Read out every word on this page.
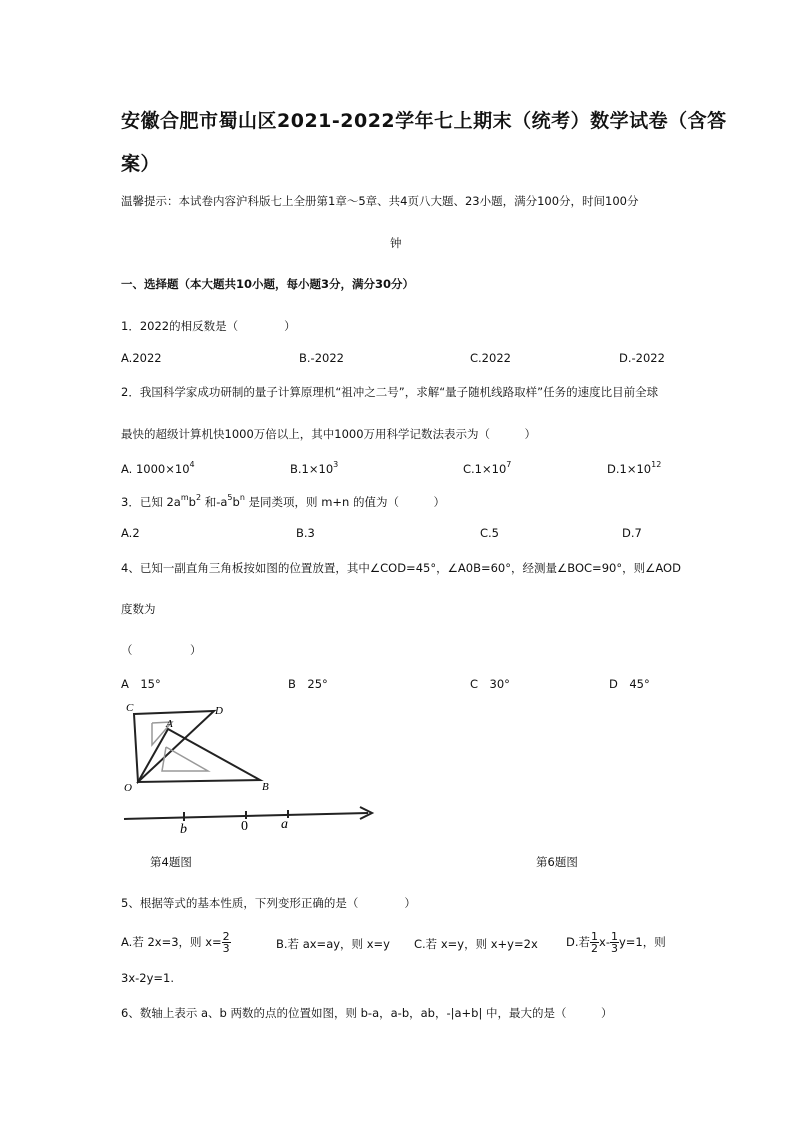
安徽合肥市蜀山区2021-2022学年七上期末（统考）数学试卷（含答
案）
温馨提示：本试卷内容沪科版七上全册第1章～5章、共4页八大题、23小题，满分100分，时间100分
钟
一、选择题（本大题共10小题，每小题3分，满分30分）
1．2022的相反数是（　　　　）
A.2022	B.-2022	C.2022	D.-2022
2．我国科学家成功研制的量子计算原理机“祖冲之二号”，求解“量子随机线路取样”任务的速度比目前全球
最快的超级计算机快1000万倍以上，其中1000万用科学记数法表示为（　　　）
A. $1000\times 10^4$	$B.1\times 10^3$	$C.1\times 10^7$	$D.1\times 10^{12}$
3．已知 $2a^mb^2$ 和$-a^5b^n$ 是同类项，则 m+n 的值为（　　　）
A.2	B.3	C.5	D.7
4、已知一副直角三角板按如图的位置放置，其中∠COD=45°，∠A0B=60°，经测量∠BOC=90°，则∠AOD
度数为
（　　　　　）
A　15°	B　25°	C　30°	D　45°
C	D
A
O	B
b	0 a
第4题图	第6题图
5、根据等式的基本性质，下列变形正确的是（　　　　）
A.若 2x=3，则 $x= \frac{2}{3}$	B.若 ax=ay，则 x=y C.若 x=y，则 x+y=2x D.若 $\frac{1}{2} x- \frac{1}{3} y=1$，则
3x-2y=1.
6、数轴上表示 a、b 两数的点的位置如图，则 b-a，a-b，ab，-|a+b| 中，最大的是（　　　）
